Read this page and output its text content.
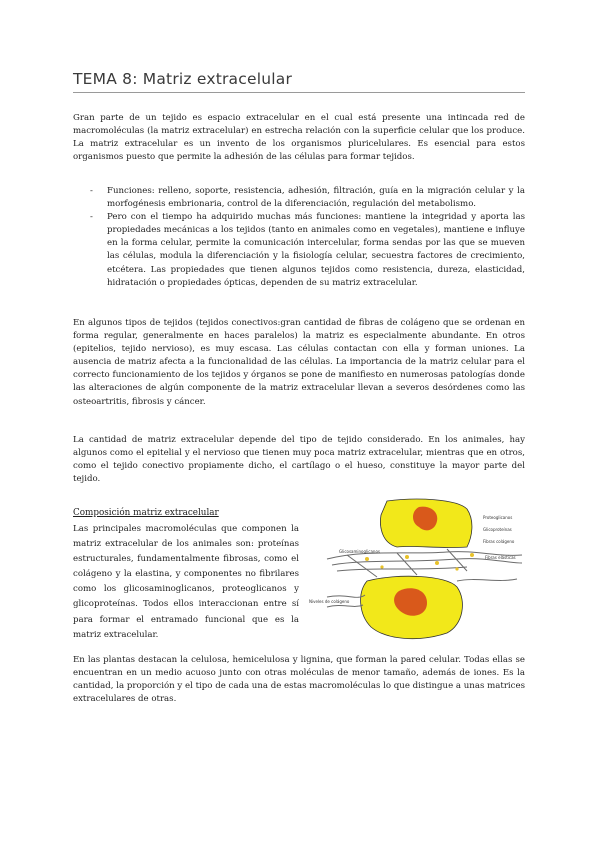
TEMA 8: Matriz extracelular

Gran parte de un tejido es espacio extracelular en el cual está presente una intincada red de macromoléculas (la matriz extracelular) en estrecha relación con la superficie celular que los produce. La matriz extracelular es un invento de los organismos pluricelulares. Es esencial para estos organismos puesto que permite la adhesión de las células para formar tejidos.

- Funciones: relleno, soporte, resistencia, adhesión, filtración, guía en la migración celular y la morfogénesis embrionaria, control de la diferenciación, regulación del metabolismo.
- Pero con el tiempo ha adquirido muchas más funciones: mantiene la integridad y aporta las propiedades mecánicas a los tejidos (tanto en animales como en vegetales), mantiene e influye en la forma celular, permite la comunicación intercelular, forma sendas por las que se mueven las células, modula la diferenciación y la fisiología celular, secuestra factores de crecimiento, etcétera. Las propiedades que tienen algunos tejidos como resistencia, dureza, elasticidad, hidratación o propiedades ópticas, dependen de su matriz extracelular.

En algunos tipos de tejidos (tejidos conectivos:gran cantidad de fibras de colágeno que se ordenan en forma regular, generalmente en haces paralelos) la matriz es especialmente abundante. En otros (epitelios, tejido nervioso), es muy escasa. Las células contactan con ella y forman uniones. La ausencia de matriz afecta a la funcionalidad de las células. La importancia de la matriz celular para el correcto funcionamiento de los tejidos y órganos se pone de manifiesto en numerosas patologías donde las alteraciones de algún componente de la matriz extracelular llevan a severos desórdenes como las osteoartritis, fibrosis y cáncer.

La cantidad de matriz extracelular depende del tipo de tejido considerado. En los animales, hay algunos como el epitelial y el nervioso que tienen muy poca matriz extracelular, mientras que en otros, como el tejido conectivo propiamente dicho, el cartílago o el hueso, constituye la mayor parte del tejido.

Composición matriz extracelular

Las principales macromoléculas que componen la matriz extracelular de los animales son: proteínas estructurales, fundamentalmente fibrosas, como el colágeno y la elastina, y componentes no fibrilares como los glicosaminoglicanos, proteoglicanos y glicoproteínas. Todos ellos interaccionan entre sí para formar el entramado funcional que es la matriz extracelular.

Proteoglicanos
Glicosaminoglicanos
Glicoproteínas
Fibras colágeno
Fibras elásticas
Niveles de colágeno

En las plantas destacan la celulosa, hemicelulosa y lignina, que forman la pared celular. Todas ellas se encuentran en un medio acuoso junto con otras moléculas de menor tamaño, además de iones. Es la cantidad, la proporción y el tipo de cada una de estas macromoléculas lo que distingue a unas matrices extracelulares de otras.
